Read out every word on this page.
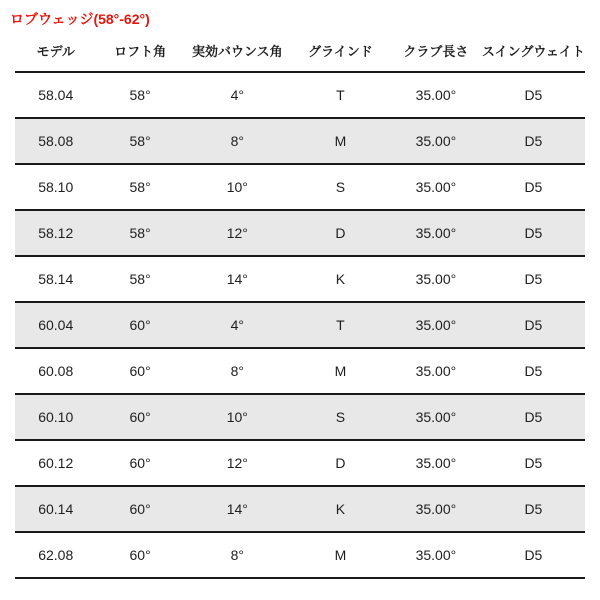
ロブウェッジ(58°-62°)
モデル	ロフト角	実効バウンス角	グラインド	クラブ長さ	スイングウェイト
58.04	58°	4°	T	35.00°	D5
58.08	58°	8°	M	35.00°	D5
58.10	58°	10°	S	35.00°	D5
58.12	58°	12°	D	35.00°	D5
58.14	58°	14°	K	35.00°	D5
60.04	60°	4°	T	35.00°	D5
60.08	60°	8°	M	35.00°	D5
60.10	60°	10°	S	35.00°	D5
60.12	60°	12°	D	35.00°	D5
60.14	60°	14°	K	35.00°	D5
62.08	60°	8°	M	35.00°	D5
